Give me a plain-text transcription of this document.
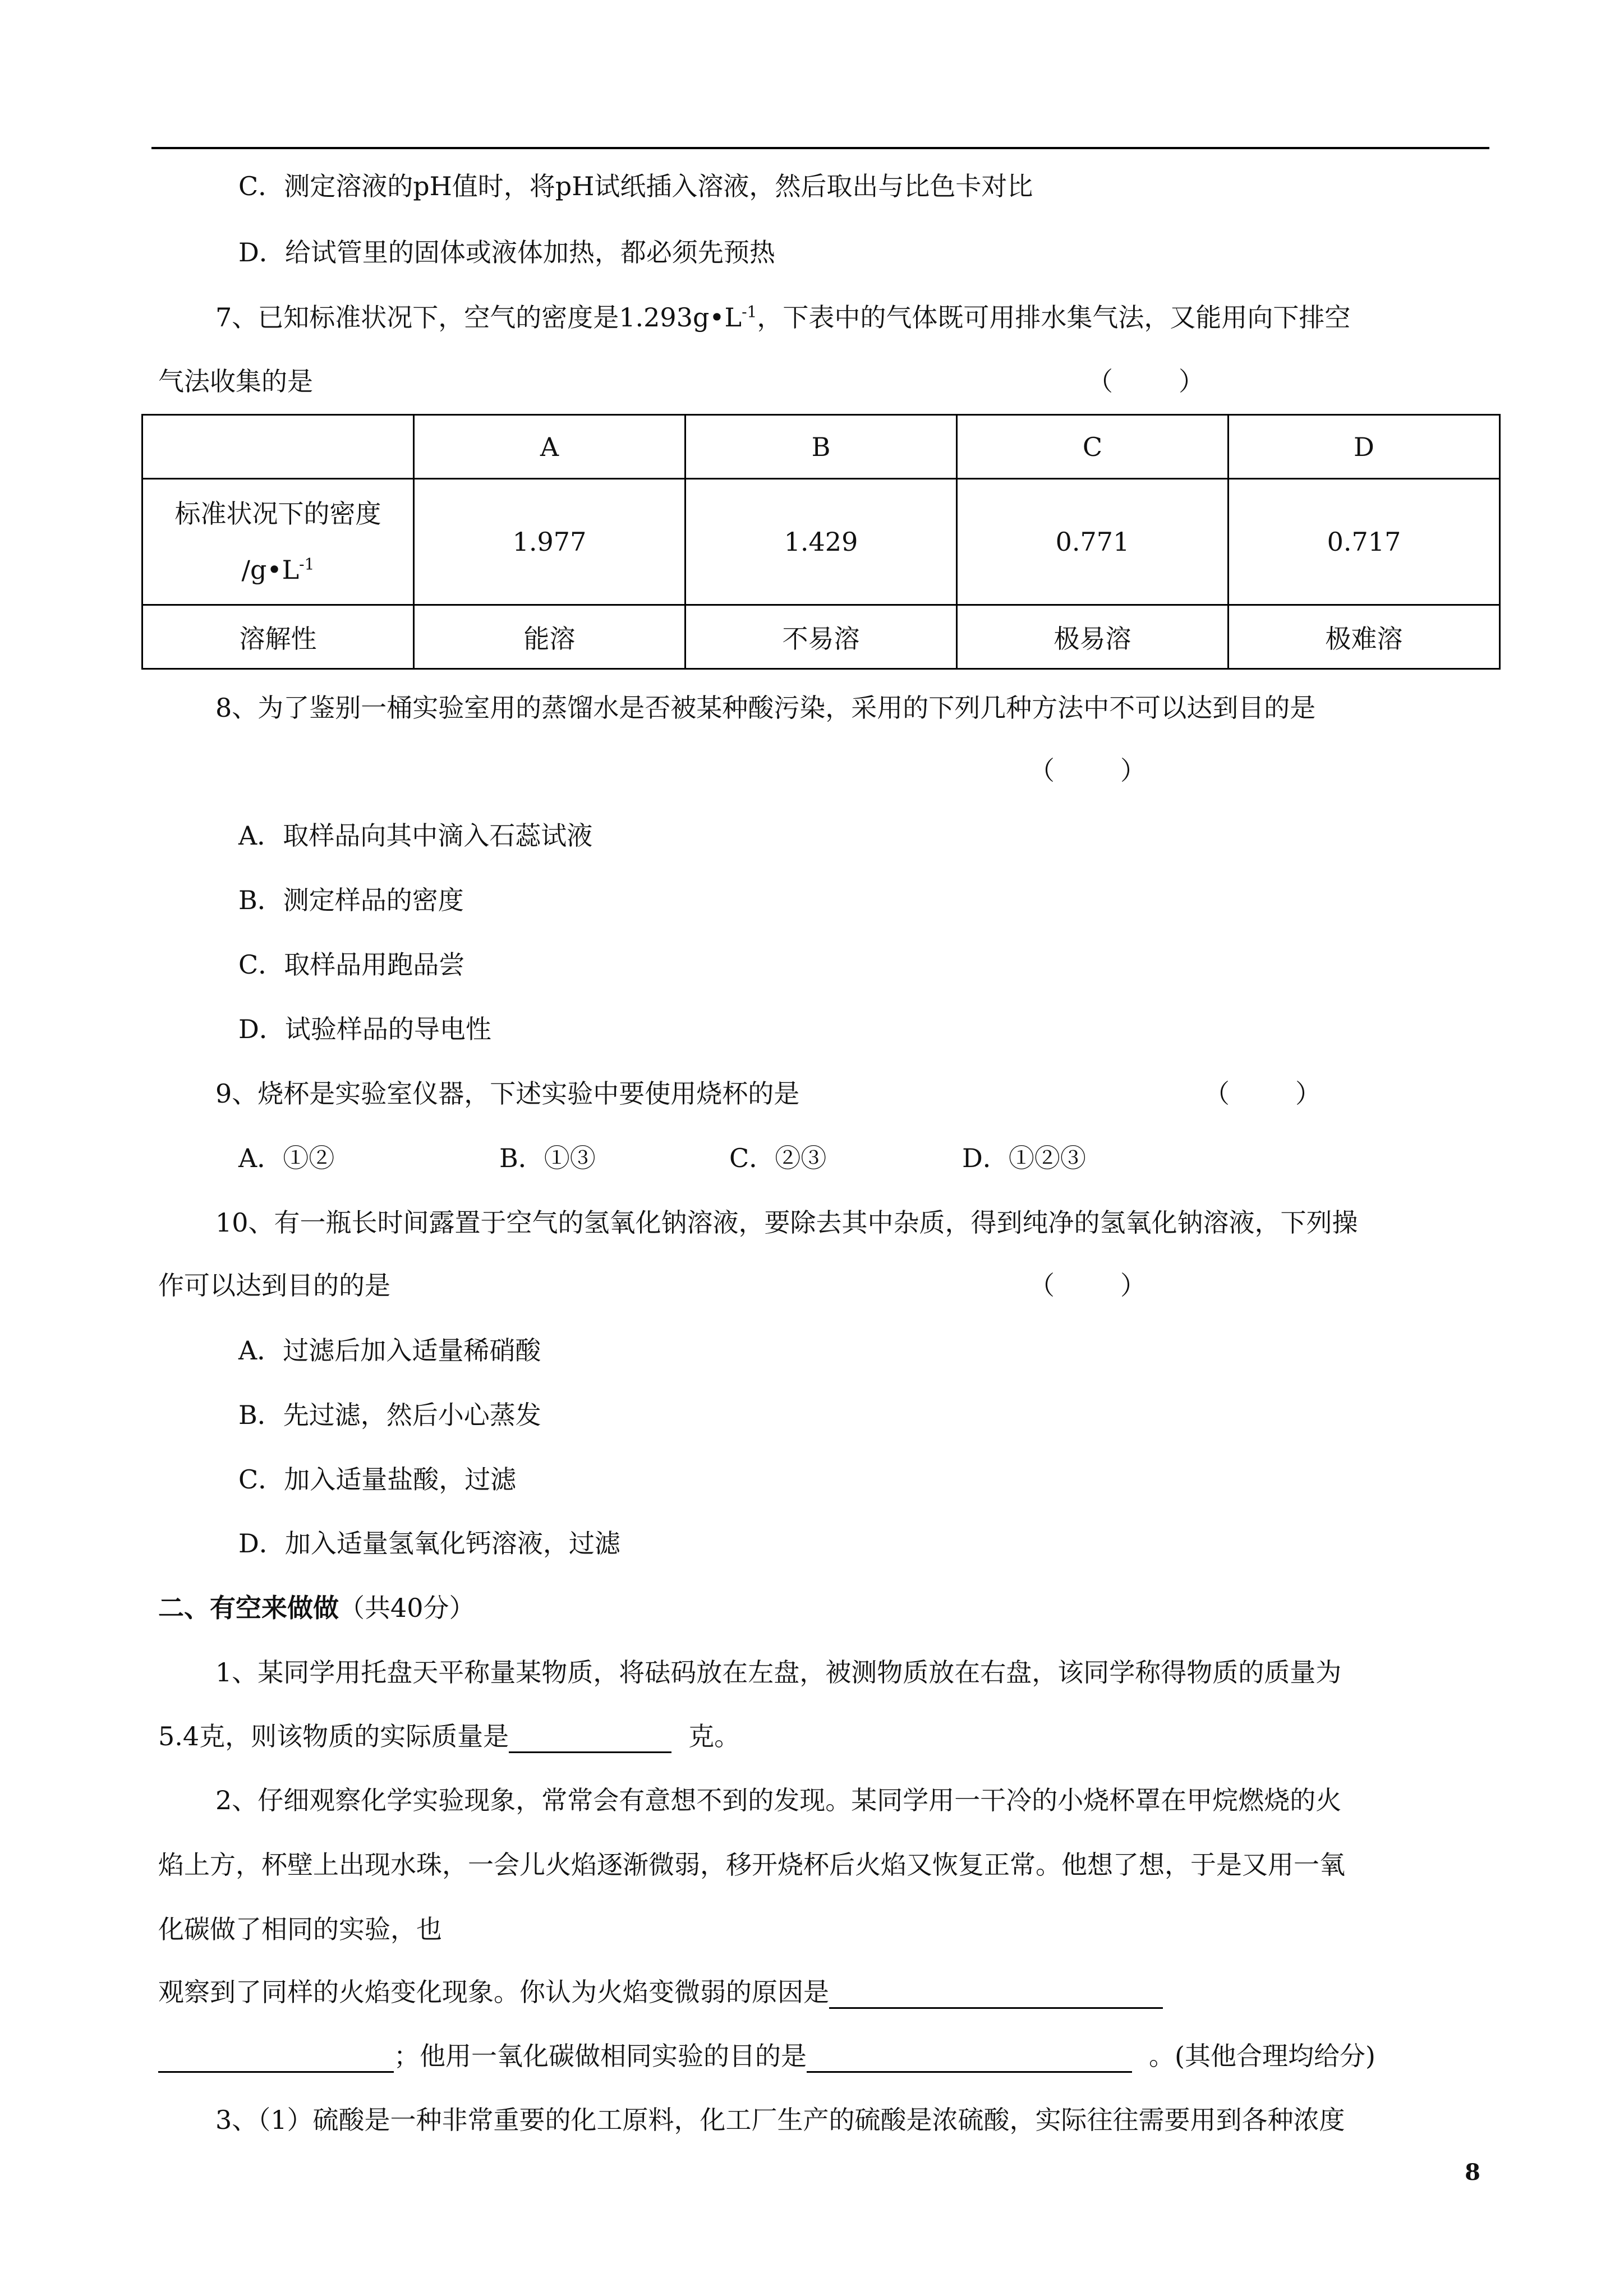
C．测定溶液的pH值时，将pH试纸插入溶液，然后取出与比色卡对比
D．给试管里的固体或液体加热，都必须先预热
7、已知标准状况下，空气的密度是$1.293g•L^{-1}$，下表中的气体既可用排水集气法，又能用向下排空
气法收集的是	（        ）
	A	B	C	D
标准状况下的密度
$/g•L^{-1}$	1.977	1.429	0.771	0.717
溶解性	能溶	不易溶	极易溶	极难溶
8、为了鉴别一桶实验室用的蒸馏水是否被某种酸污染，采用的下列几种方法中不可以达到目的是
（        ）
A．取样品向其中滴入石蕊试液
B．测定样品的密度
C．取样品用跑品尝
D．试验样品的导电性
9、烧杯是实验室仪器，下述实验中要使用烧杯的是	（        ）
A．①②	B．①③	C．②③	D．①②③
10、有一瓶长时间露置于空气的氢氧化钠溶液，要除去其中杂质，得到纯净的氢氧化钠溶液，下列操
作可以达到目的的是	（        ）
A．过滤后加入适量稀硝酸
B．先过滤，然后小心蒸发
C．加入适量盐酸，过滤
D．加入适量氢氧化钙溶液，过滤
二、有空来做做（共40分）
1、某同学用托盘天平称量某物质，将砝码放在左盘，被测物质放在右盘，该同学称得物质的质量为
5.4克，则该物质的实际质量是	克。
2、仔细观察化学实验现象，常常会有意想不到的发现。某同学用一干冷的小烧杯罩在甲烷燃烧的火
焰上方，杯壁上出现水珠，一会儿火焰逐渐微弱，移开烧杯后火焰又恢复正常。他想了想，于是又用一氧
化碳做了相同的实验，也
观察到了同样的火焰变化现象。你认为火焰变微弱的原因是
；他用一氧化碳做相同实验的目的是	。(其他合理均给分)
3、（1）硫酸是一种非常重要的化工原料，化工厂生产的硫酸是浓硫酸，实际往往需要用到各种浓度
8
